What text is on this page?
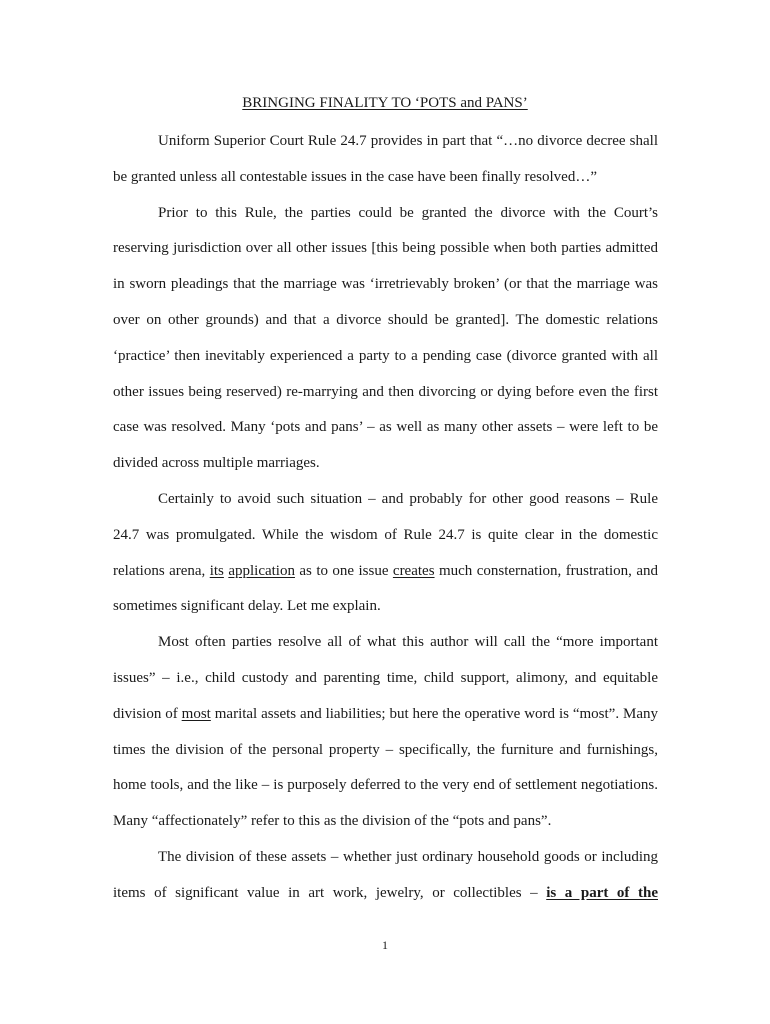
BRINGING FINALITY TO ‘POTS and PANS’

Uniform Superior Court Rule 24.7 provides in part that “…no divorce decree shall be granted unless all contestable issues in the case have been finally resolved…”

Prior to this Rule, the parties could be granted the divorce with the Court’s reserving jurisdiction over all other issues [this being possible when both parties admitted in sworn pleadings that the marriage was ‘irretrievably broken’ (or that the marriage was over on other grounds) and that a divorce should be granted]. The domestic relations ‘practice’ then inevitably experienced a party to a pending case (divorce granted with all other issues being reserved) re-marrying and then divorcing or dying before even the first case was resolved. Many ‘pots and pans’ – as well as many other assets – were left to be divided across multiple marriages.

Certainly to avoid such situation – and probably for other good reasons – Rule 24.7 was promulgated. While the wisdom of Rule 24.7 is quite clear in the domestic relations arena, its application as to one issue creates much consternation, frustration, and sometimes significant delay. Let me explain.

Most often parties resolve all of what this author will call the “more important issues” – i.e., child custody and parenting time, child support, alimony, and equitable division of most marital assets and liabilities; but here the operative word is “most”. Many times the division of the personal property – specifically, the furniture and furnishings, home tools, and the like – is purposely deferred to the very end of settlement negotiations. Many “affectionately” refer to this as the division of the “pots and pans”.

The division of these assets – whether just ordinary household goods or including items of significant value in art work, jewelry, or collectibles – is a part of the

1
